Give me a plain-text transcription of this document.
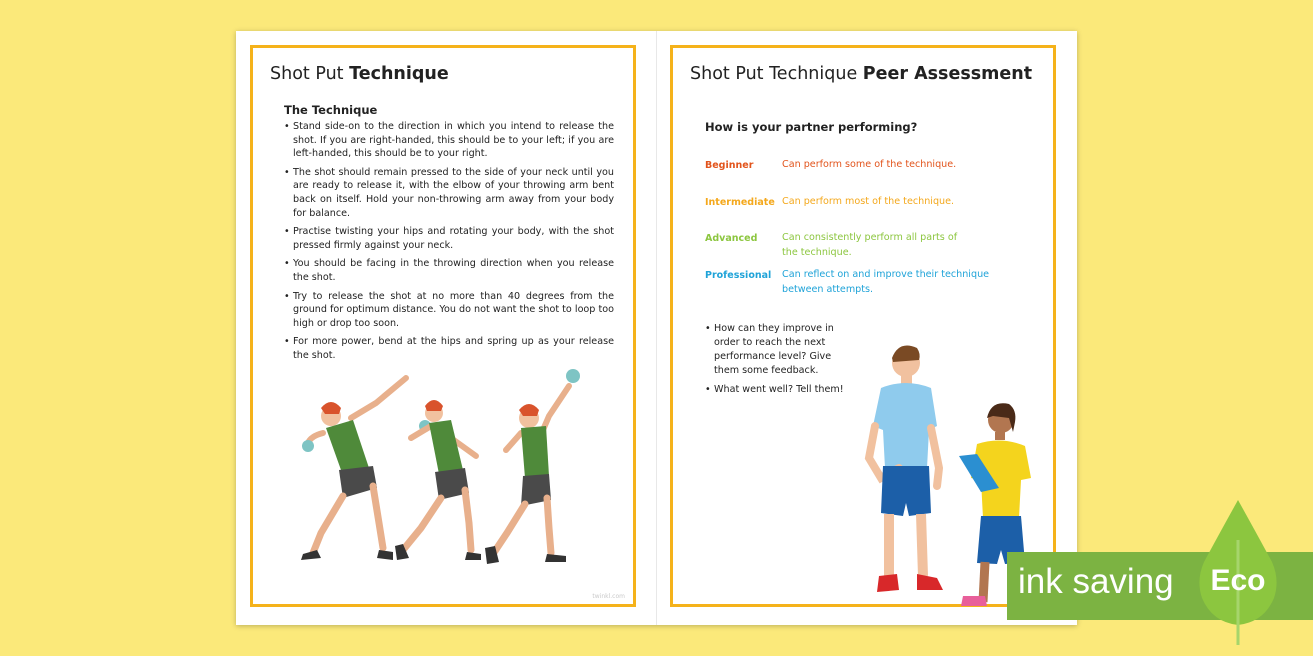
Shot Put Technique
The Technique
• Stand side-on to the direction in which you intend to release the shot. If you are right-handed, this should be to your left; if you are left-handed, this should be to your right.
• The shot should remain pressed to the side of your neck until you are ready to release it, with the elbow of your throwing arm bent back on itself. Hold your non-throwing arm away from your body for balance.
• Practise twisting your hips and rotating your body, with the shot pressed firmly against your neck.
• You should be facing in the throwing direction when you release the shot.
• Try to release the shot at no more than 40 degrees from the ground for optimum distance. You do not want the shot to loop too high or drop too soon.
• For more power, bend at the hips and spring up as your release the shot.
twinkl.com
Shot Put Technique Peer Assessment
How is your partner performing?
Beginner	Can perform some of the technique.
Intermediate Can perform most of the technique.
Advanced	Can consistently perform all parts of the technique.
Professional Can reflect on and improve their technique between attempts.
• How can they improve in order to reach the next performance level? Give them some feedback.
• What went well? Tell them!
ink saving Eco
